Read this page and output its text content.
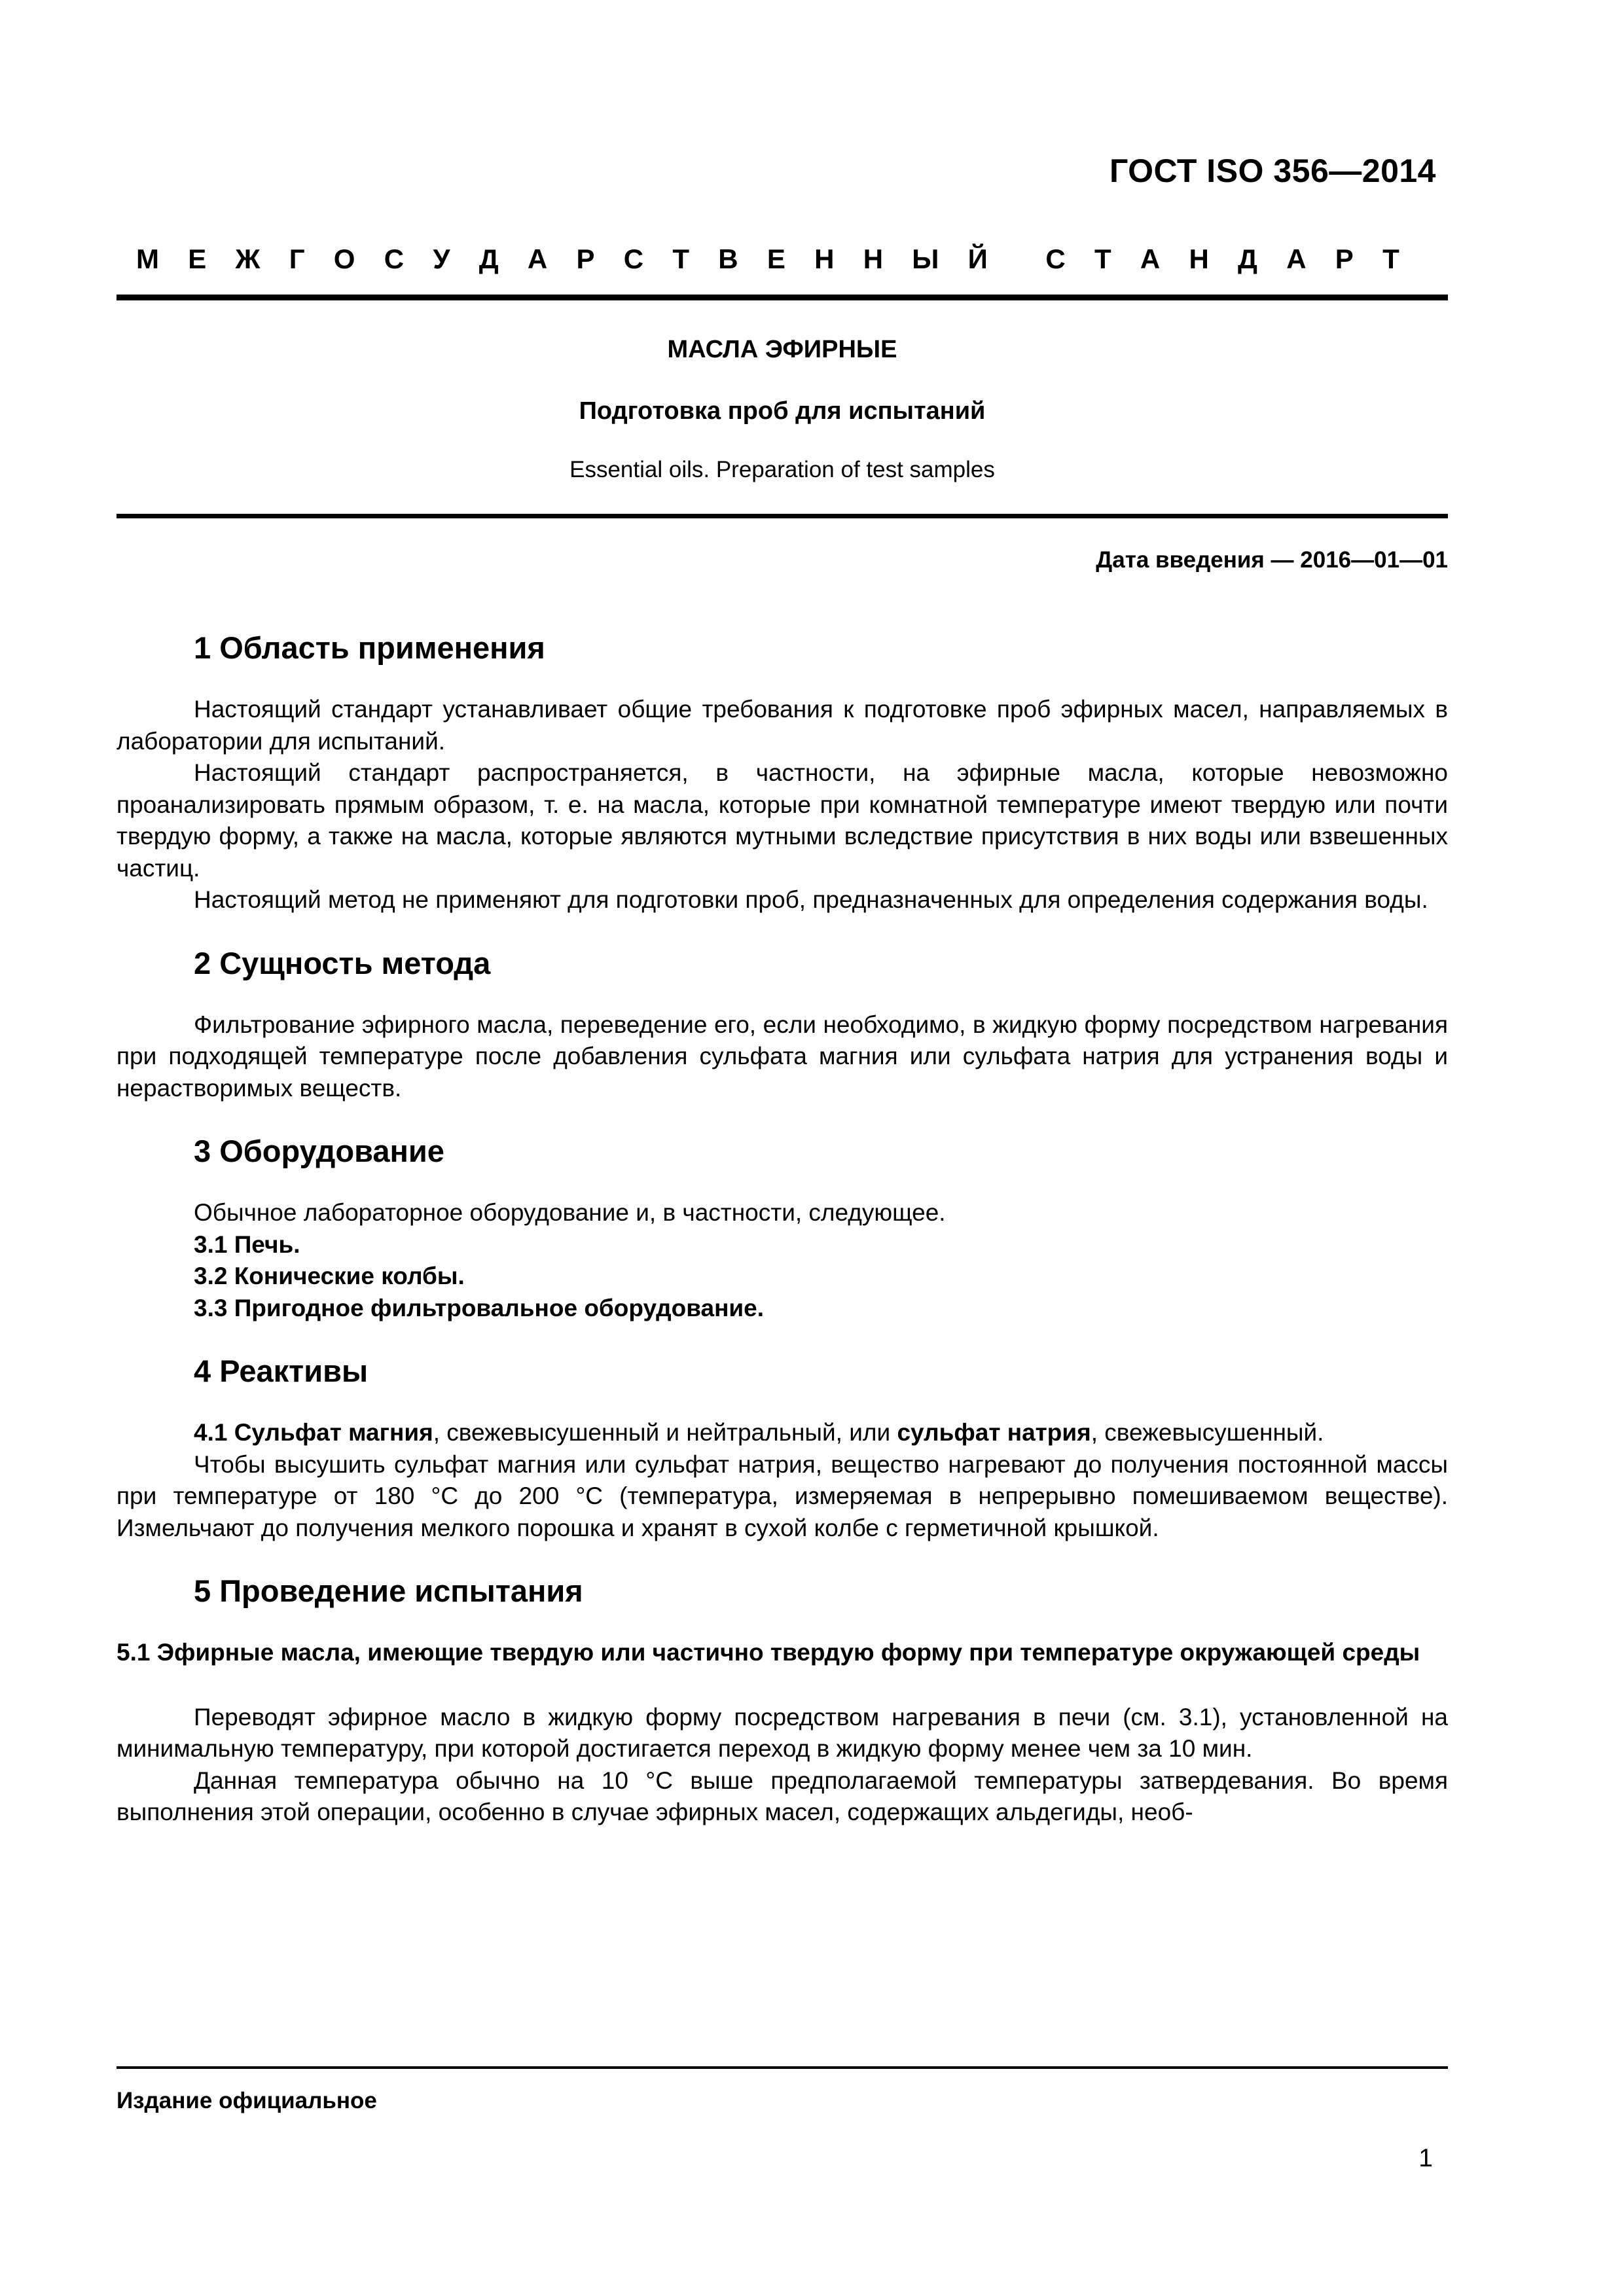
ГОСТ ISO 356—2014
М Е Ж Г О С У Д А Р С Т В Е Н Н Ы Й С Т А Н Д А Р Т
МАСЛА ЭФИРНЫЕ
Подготовка проб для испытаний
Essential oils. Preparation of test samples
Дата введения — 2016—01—01
1 Область применения

Настоящий стандарт устанавливает общие требования к подготовке проб эфирных масел, направляемых в лаборатории для испытаний.

Настоящий стандарт распространяется, в частности, на эфирные масла, которые невозможно проанализировать прямым образом, т. е. на масла, которые при комнатной температуре имеют твердую или почти твердую форму, а также на масла, которые являются мутными вследствие присутствия в них воды или взвешенных частиц.

Настоящий метод не применяют для подготовки проб, предназначенных для определения содержания воды.

2 Сущность метода

Фильтрование эфирного масла, переведение его, если необходимо, в жидкую форму посредством нагревания при подходящей температуре после добавления сульфата магния или сульфата натрия для устранения воды и нерастворимых веществ.

3 Оборудование

Обычное лабораторное оборудование и, в частности, следующее.

3.1 Печь.

3.2 Конические колбы.

3.3 Пригодное фильтровальное оборудование.

4 Реактивы

4.1 Сульфат магния, свежевысушенный и нейтральный, или сульфат натрия, свежевысушенный.

Чтобы высушить сульфат магния или сульфат натрия, вещество нагревают до получения постоянной массы при температуре от 180 °С до 200 °С (температура, измеряемая в непрерывно помешиваемом веществе). Измельчают до получения мелкого порошка и хранят в сухой колбе с герметичной крышкой.

5 Проведение испытания
5.1 Эфирные масла, имеющие твердую или частично твердую форму при температуре окружающей среды

Переводят эфирное масло в жидкую форму посредством нагревания в печи (см. 3.1), установленной на минимальную температуру, при которой достигается переход в жидкую форму менее чем за 10 мин.

Данная температура обычно на 10 °С выше предполагаемой температуры затвердевания. Во время выполнения этой операции, особенно в случае эфирных масел, содержащих альдегиды, необ-

Издание официальное
1
